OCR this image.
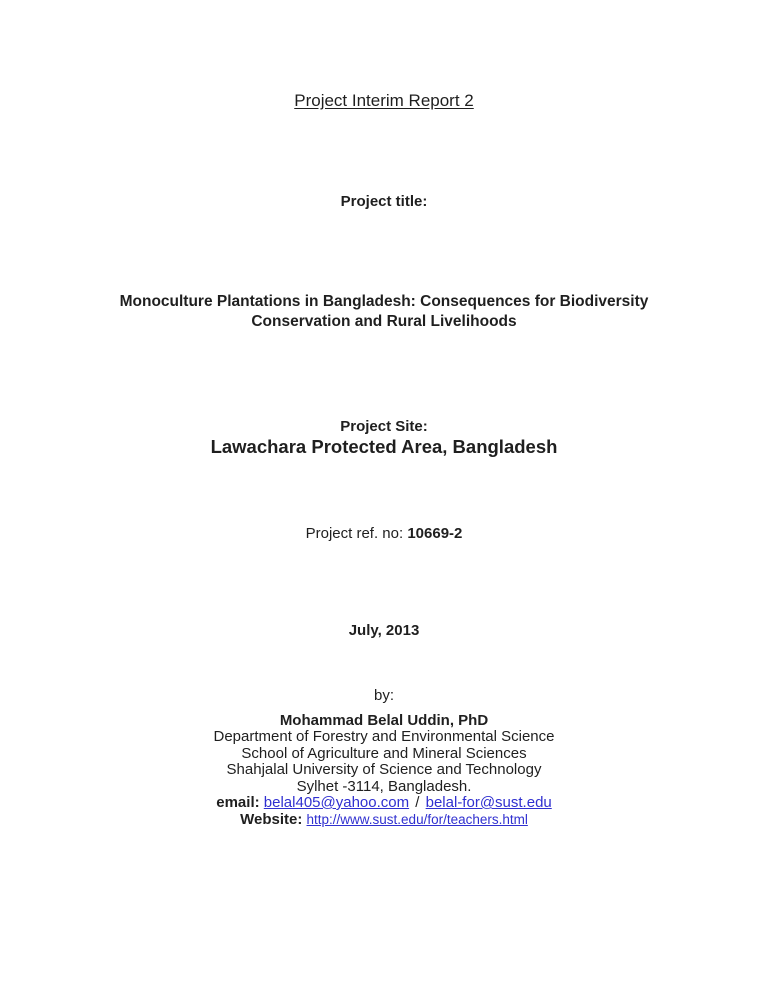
Project Interim Report 2
Project title:
Monoculture Plantations in Bangladesh: Consequences for Biodiversity
Conservation and Rural Livelihoods
Project Site:
Lawachara Protected Area, Bangladesh
Project ref. no: 10669-2
July, 2013
by:
Mohammad Belal Uddin, PhD
Department of Forestry and Environmental Science
School of Agriculture and Mineral Sciences
Shahjalal University of Science and Technology
Sylhet -3114, Bangladesh.
email: belal405@yahoo.com / belal-for@sust.edu
Website: http://www.sust.edu/for/teachers.html
